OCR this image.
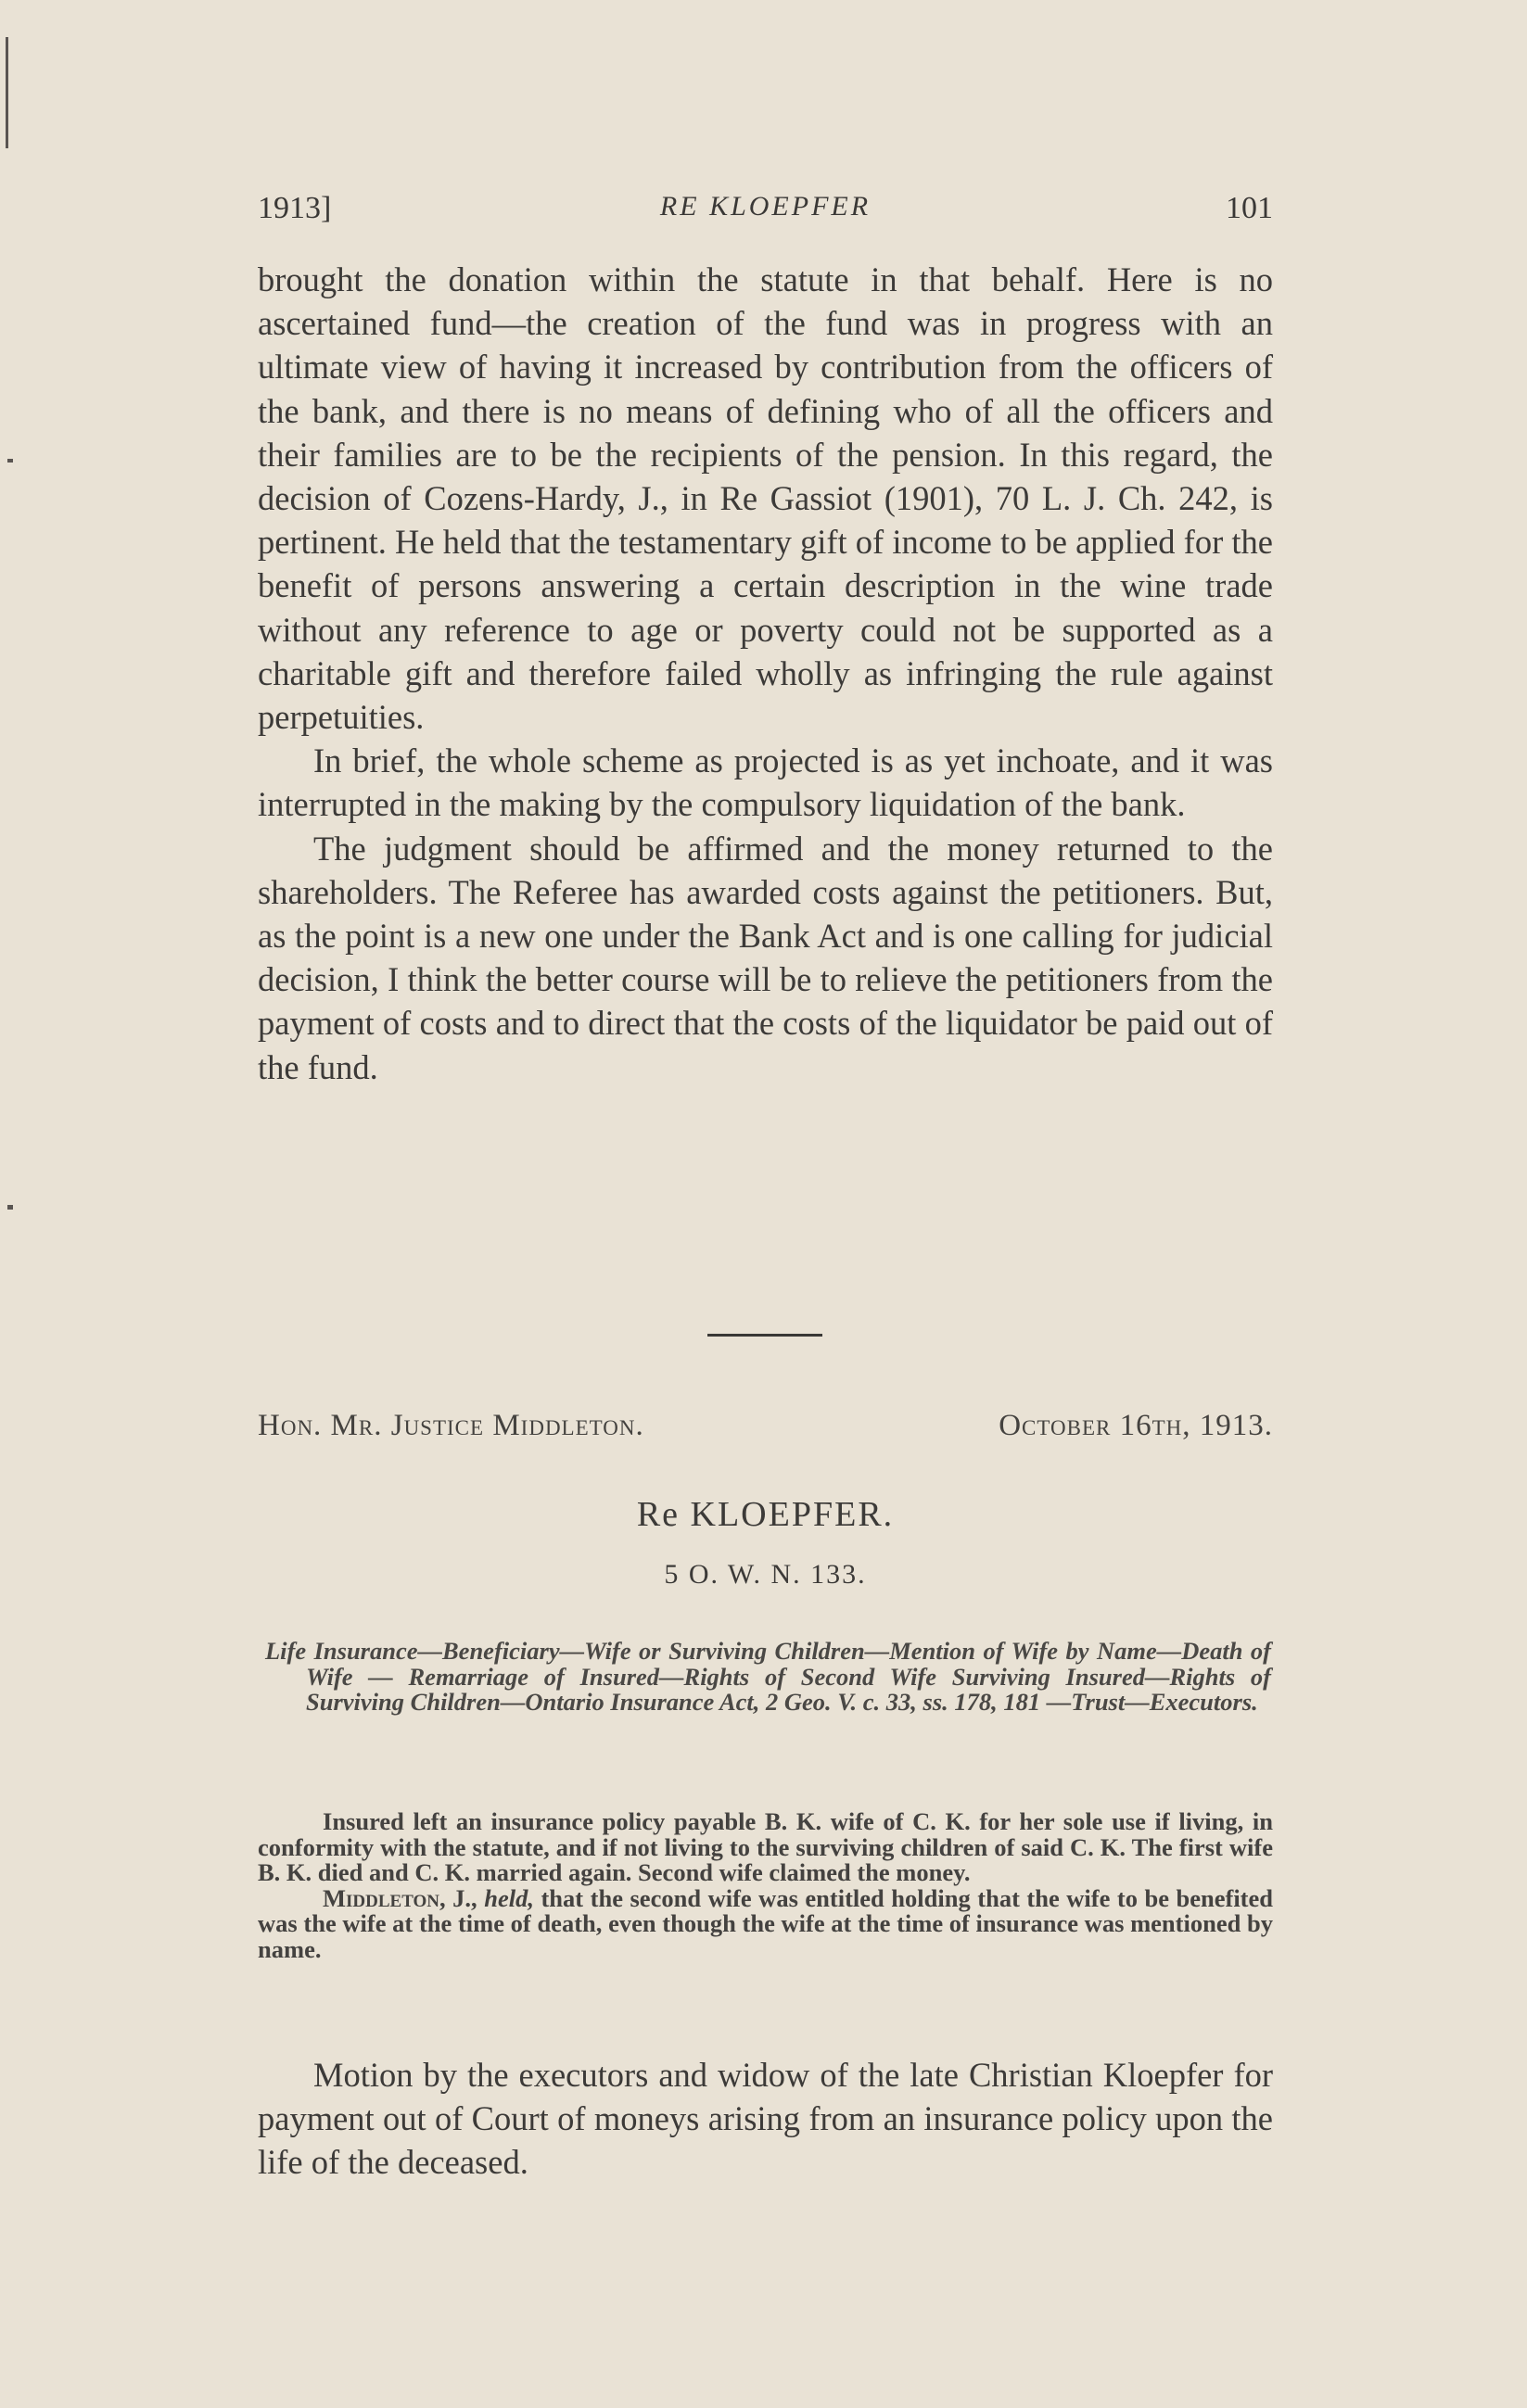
1913]	RE KLOEPFER	101

brought the donation within the statute in that behalf. Here is no ascertained fund—the creation of the fund was in progress with an ultimate view of having it increased by contribution from the officers of the bank, and there is no means of defining who of all the officers and their families are to be the recipients of the pension. In this regard, the decision of Cozens-Hardy, J., in Re Gassiot (1901), 70 L. J. Ch. 242, is pertinent. He held that the testamentary gift of income to be applied for the benefit of persons answering a certain description in the wine trade without any reference to age or poverty could not be supported as a charitable gift and therefore failed wholly as infringing the rule against perpetuities.

In brief, the whole scheme as projected is as yet inchoate, and it was interrupted in the making by the compulsory liquidation of the bank.

The judgment should be affirmed and the money returned to the shareholders. The Referee has awarded costs against the petitioners. But, as the point is a new one under the Bank Act and is one calling for judicial decision, I think the better course will be to relieve the petitioners from the payment of costs and to direct that the costs of the liquidator be paid out of the fund.

Hon. Mr. Justice Middleton.	October 16th, 1913.
Re KLOEPFER.
5 O. W. N. 133.
Life Insurance—Beneficiary—Wife or Surviving Children—Mention of Wife by Name—Death of Wife — Remarriage of Insured—Rights of Second Wife Surviving Insured—Rights of Surviving Children—Ontario Insurance Act, 2 Geo. V. c. 33, ss. 178, 181 —Trust—Executors.

Insured left an insurance policy payable B. K. wife of C. K. for her sole use if living, in conformity with the statute, and if not living to the surviving children of said C. K. The first wife B. K. died and C. K. married again. Second wife claimed the money.

Middleton, J., held, that the second wife was entitled holding that the wife to be benefited was the wife at the time of death, even though the wife at the time of insurance was mentioned by name.

Motion by the executors and widow of the late Christian Kloepfer for payment out of Court of moneys arising from an insurance policy upon the life of the deceased.
